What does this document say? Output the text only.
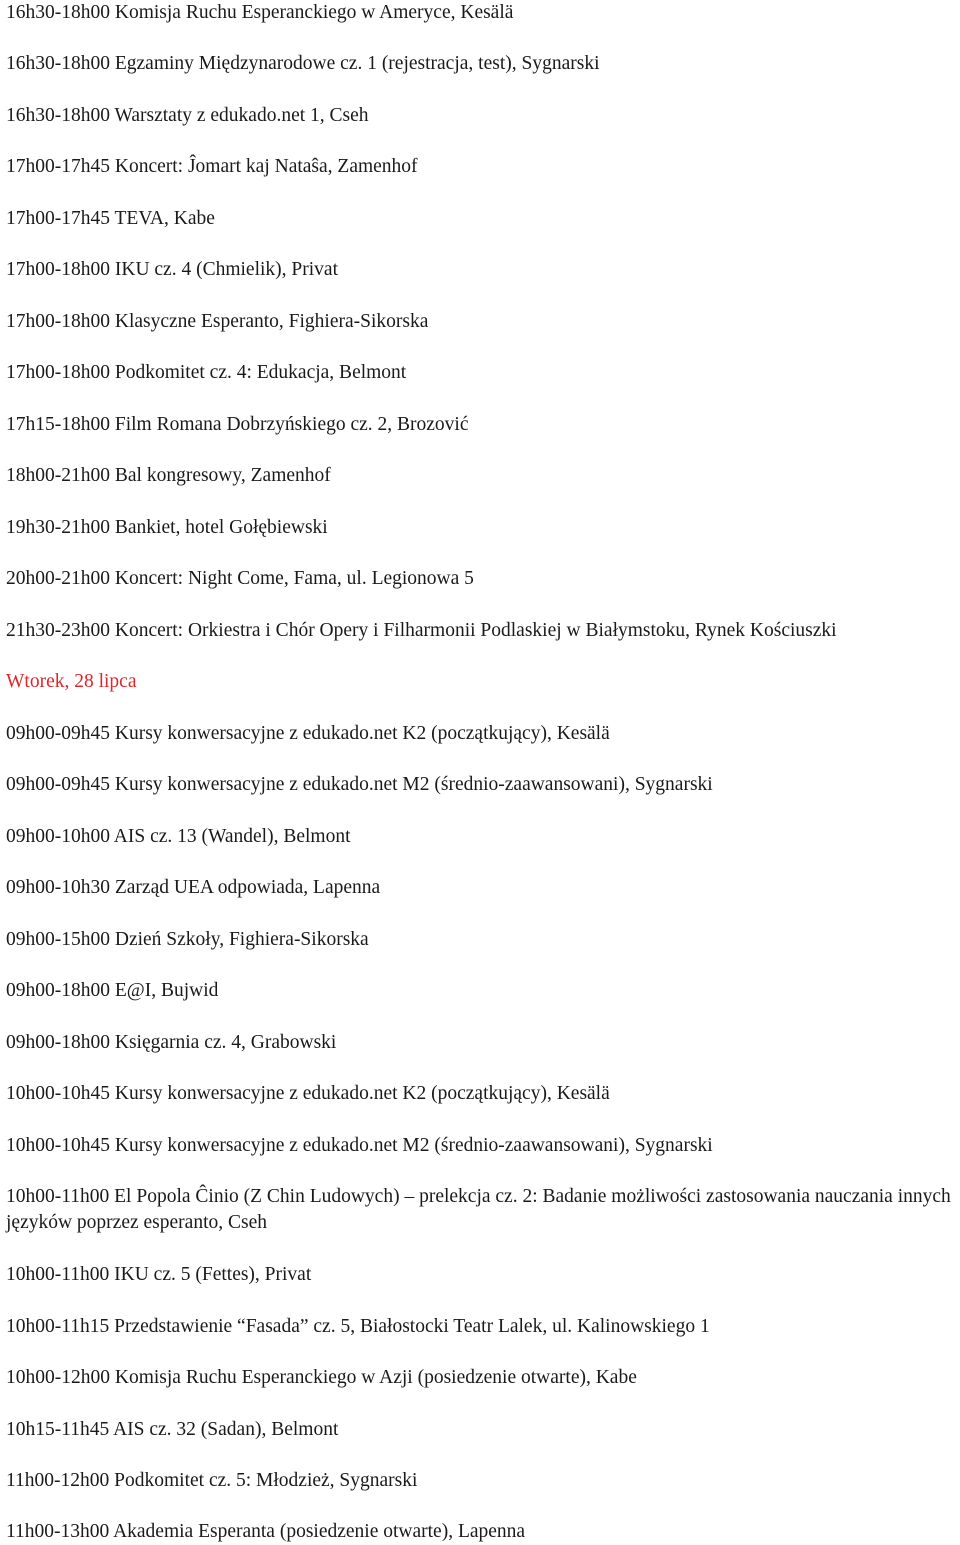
16h30-18h00 Komisja Ruchu Esperanckiego w Ameryce, Kesälä
16h30-18h00 Egzaminy Międzynarodowe cz. 1 (rejestracja, test), Sygnarski
16h30-18h00 Warsztaty z edukado.net 1, Cseh
17h00-17h45 Koncert: Ĵomart kaj Nataŝa, Zamenhof
17h00-17h45 TEVA, Kabe
17h00-18h00 IKU cz. 4 (Chmielik), Privat
17h00-18h00 Klasyczne Esperanto, Fighiera-Sikorska
17h00-18h00 Podkomitet cz. 4: Edukacja, Belmont
17h15-18h00 Film Romana Dobrzyńskiego cz. 2, Brozović
18h00-21h00 Bal kongresowy, Zamenhof
19h30-21h00 Bankiet, hotel Gołębiewski
20h00-21h00 Koncert: Night Come, Fama, ul. Legionowa 5
21h30-23h00 Koncert: Orkiestra i Chór Opery i Filharmonii Podlaskiej w Białymstoku, Rynek Kościuszki
Wtorek, 28 lipca
09h00-09h45 Kursy konwersacyjne z edukado.net K2 (początkujący), Kesälä
09h00-09h45 Kursy konwersacyjne z edukado.net M2 (średnio-zaawansowani), Sygnarski
09h00-10h00 AIS cz. 13 (Wandel), Belmont
09h00-10h30 Zarząd UEA odpowiada, Lapenna
09h00-15h00 Dzień Szkoły, Fighiera-Sikorska
09h00-18h00 E@I, Bujwid
09h00-18h00 Księgarnia cz. 4, Grabowski
10h00-10h45 Kursy konwersacyjne z edukado.net K2 (początkujący), Kesälä
10h00-10h45 Kursy konwersacyjne z edukado.net M2 (średnio-zaawansowani), Sygnarski
10h00-11h00 El Popola Ĉinio (Z Chin Ludowych) – prelekcja cz. 2: Badanie możliwości zastosowania nauczania innych języków poprzez esperanto, Cseh
10h00-11h00 IKU cz. 5 (Fettes), Privat
10h00-11h15 Przedstawienie “Fasada” cz. 5, Białostocki Teatr Lalek, ul. Kalinowskiego 1
10h00-12h00 Komisja Ruchu Esperanckiego w Azji (posiedzenie otwarte), Kabe
10h15-11h45 AIS cz. 32 (Sadan), Belmont
11h00-12h00 Podkomitet cz. 5: Młodzież, Sygnarski
11h00-13h00 Akademia Esperanta (posiedzenie otwarte), Lapenna
